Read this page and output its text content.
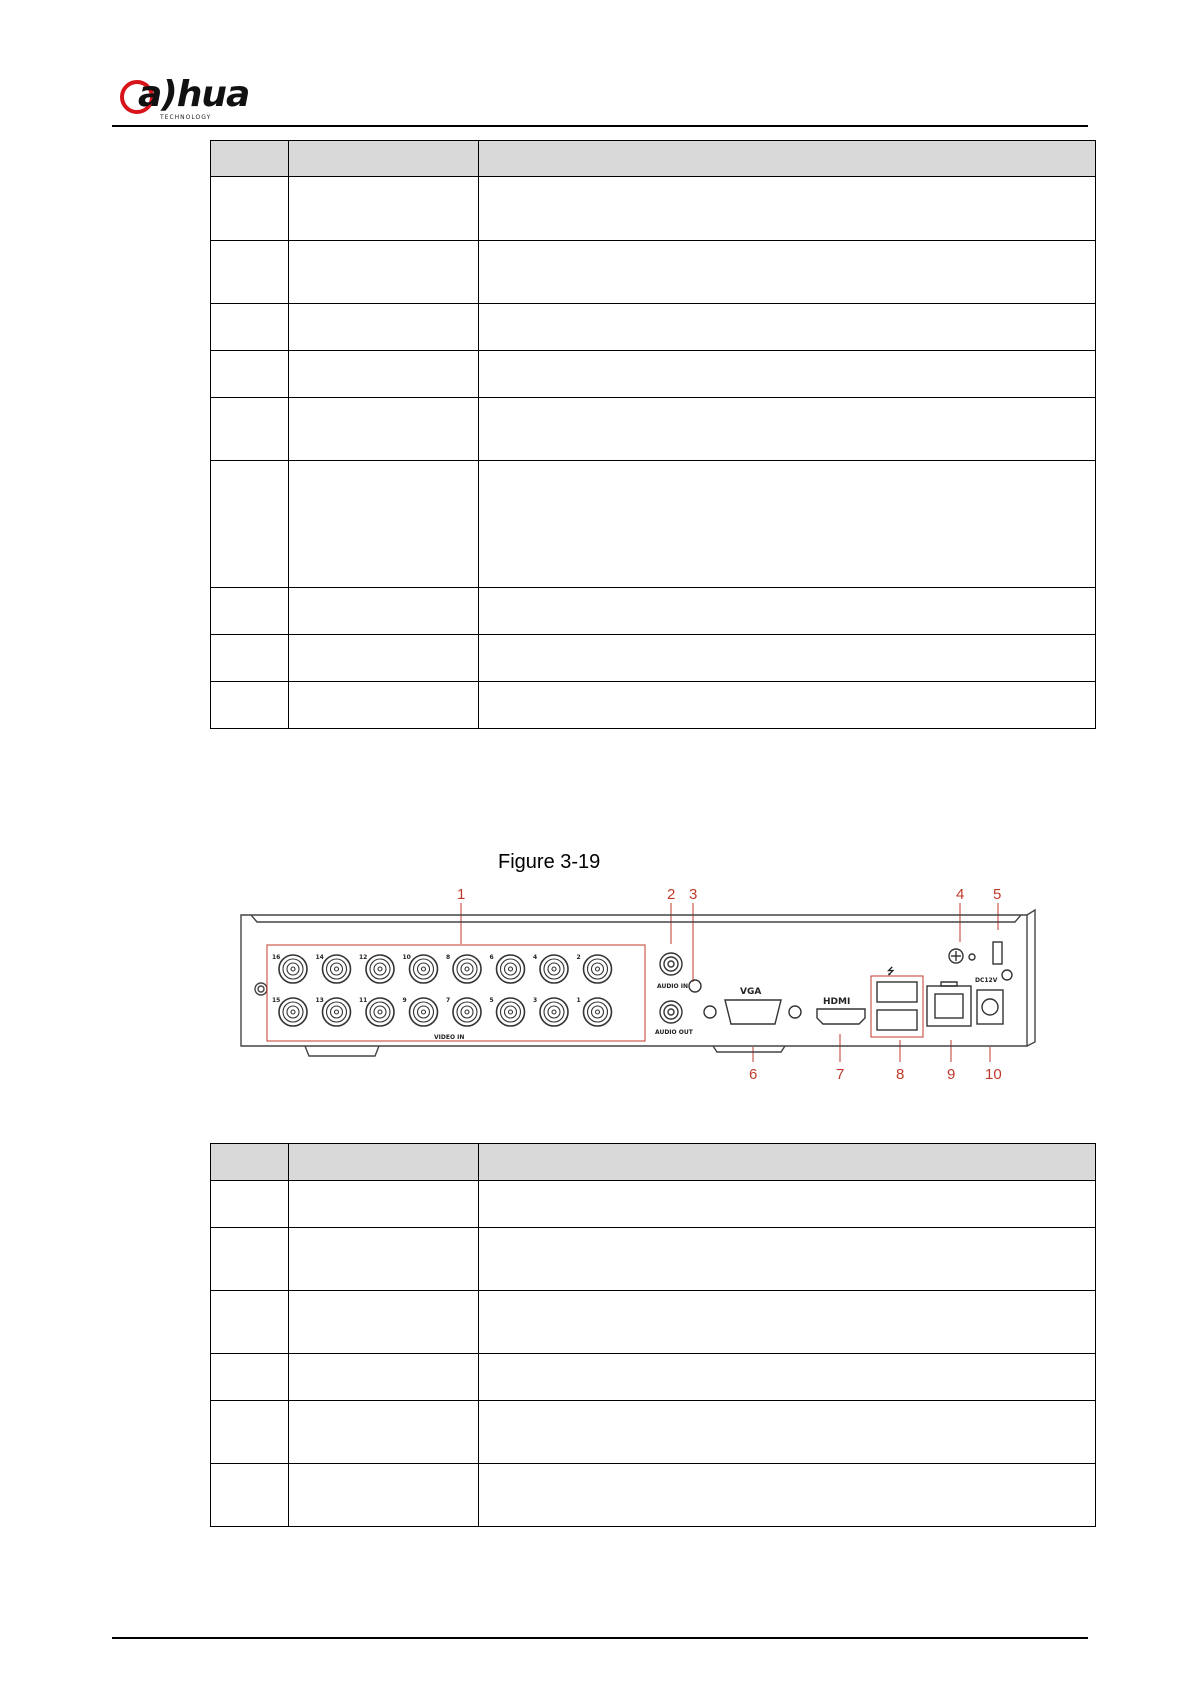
a)hua
TECHNOLOGY

Figure 3-19
1	2 3	4 5
6	7	8	9 10
16	14	12	10	8	6	4	2
15	13	11	9	7	5	3	1
VIDEO IN
AUDIO IN
AUDIO OUT
VGA
HDMI
⭍
DC12V
